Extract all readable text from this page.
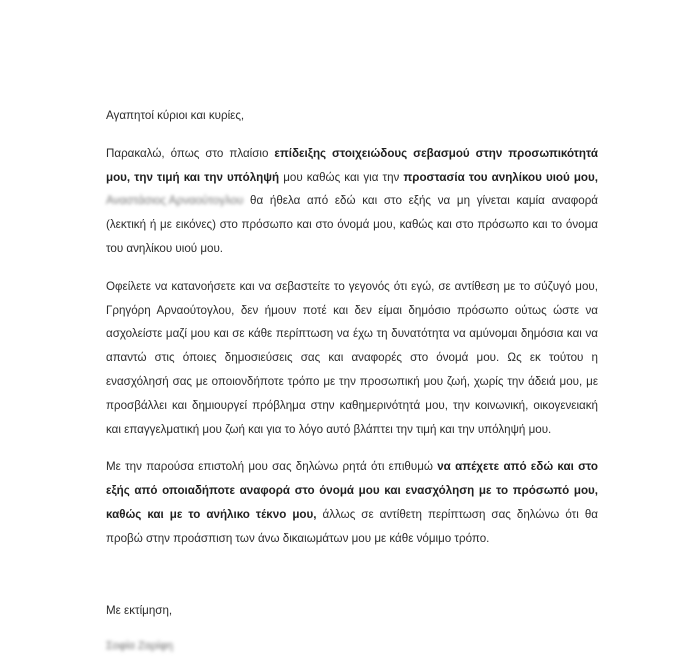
Αγαπητοί κύριοι και κυρίες,

Παρακαλώ, όπως στο πλαίσιο επίδειξης στοιχειώδους σεβασμού στην προσωπικότητά μου, την τιμή και την υπόληψή μου καθώς και για την προστασία του ανηλίκου υιού μου, Αναστάσιος Αρναούτογλου θα ήθελα από εδώ και στο εξής να μη γίνεται καμία αναφορά (λεκτική ή με εικόνες) στο πρόσωπο και στο όνομά μου, καθώς και στο πρόσωπο και το όνομα του ανηλίκου υιού μου.

Οφείλετε να κατανοήσετε και να σεβαστείτε το γεγονός ότι εγώ, σε αντίθεση με το σύζυγό μου, Γρηγόρη Αρναούτογλου, δεν ήμουν ποτέ και δεν είμαι δημόσιο πρόσωπο ούτως ώστε να ασχολείστε μαζί μου και σε κάθε περίπτωση να έχω τη δυνατότητα να αμύνομαι δημόσια και να απαντώ στις όποιες δημοσιεύσεις σας και αναφορές στο όνομά μου. Ως εκ τούτου η ενασχόλησή σας με οποιονδήποτε τρόπο με την προσωπική μου ζωή, χωρίς την άδειά μου, με προσβάλλει και δημιουργεί πρόβλημα στην καθημερινότητά μου, την κοινωνική, οικογενειακή και επαγγελματική μου ζωή και για το λόγο αυτό βλάπτει την τιμή και την υπόληψή μου.

Με την παρούσα επιστολή μου σας δηλώνω ρητά ότι επιθυμώ να απέχετε από εδώ και στο εξής από οποιαδήποτε αναφορά στο όνομά μου και ενασχόληση με το πρόσωπό μου, καθώς και με το ανήλικο τέκνο μου, άλλως σε αντίθετη περίπτωση σας δηλώνω ότι θα προβώ στην προάσπιση των άνω δικαιωμάτων μου με κάθε νόμιμο τρόπο.

Με εκτίμηση,
Σοφία Ζαρίφη
